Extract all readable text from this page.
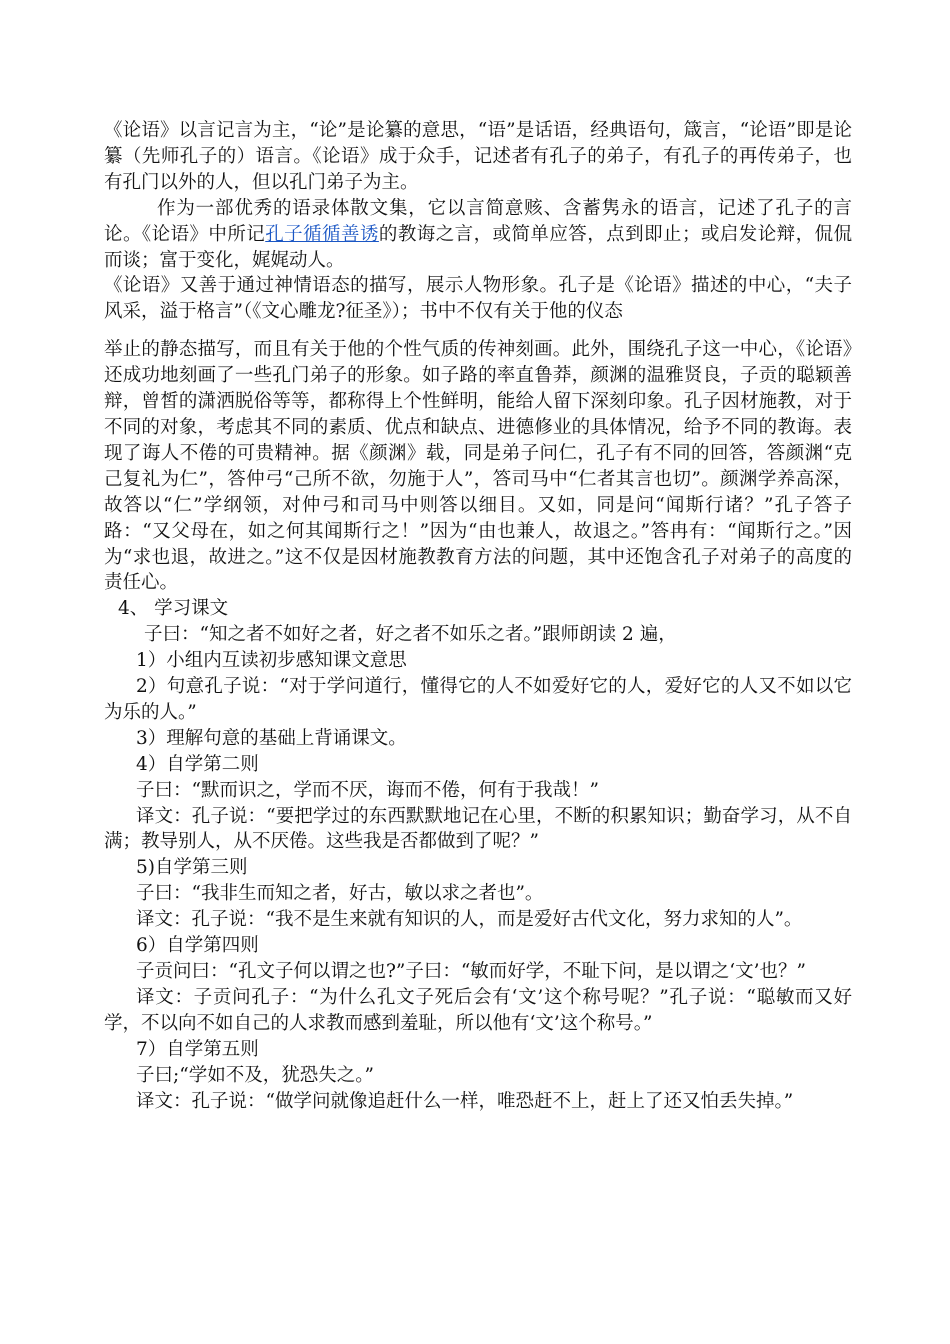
《论语》以言记言为主，“论”是论纂的意思，“语”是话语，经典语句，箴言，“论语”即是论纂（先师孔子的）语言。《论语》成于众手，记述者有孔子的弟子，有孔子的再传弟子，也有孔门以外的人，但以孔门弟子为主。

作为一部优秀的语录体散文集，它以言简意赅、含蓄隽永的语言，记述了孔子的言论。《论语》中所记孔子循循善诱的教诲之言，或简单应答，点到即止；或启发论辩，侃侃而谈；富于变化，娓娓动人。

《论语》又善于通过神情语态的描写，展示人物形象。孔子是《论语》描述的中心，“夫子风采，溢于格言”（《文心雕龙?征圣》）；书中不仅有关于他的仪态

举止的静态描写，而且有关于他的个性气质的传神刻画。此外，围绕孔子这一中心，《论语》还成功地刻画了一些孔门弟子的形象。如子路的率直鲁莽，颜渊的温雅贤良，子贡的聪颖善辩，曾皙的潇洒脱俗等等，都称得上个性鲜明，能给人留下深刻印象。孔子因材施教，对于不同的对象，考虑其不同的素质、优点和缺点、进德修业的具体情况，给予不同的教诲。表现了诲人不倦的可贵精神。据《颜渊》载，同是弟子问仁，孔子有不同的回答，答颜渊“克己复礼为仁”，答仲弓“己所不欲，勿施于人”，答司马中“仁者其言也切”。颜渊学养高深，故答以“仁”学纲领，对仲弓和司马中则答以细目。又如，同是问“闻斯行诸？”孔子答子路：“又父母在，如之何其闻斯行之！”因为“由也兼人，故退之。”答冉有：“闻斯行之。”因为“求也退，故进之。”这不仅是因材施教教育方法的问题，其中还饱含孔子对弟子的高度的责任心。

4、 学习课文

子曰：“知之者不如好之者，好之者不如乐之者。”跟师朗读 2 遍，

1）小组内互读初步感知课文意思

2）句意孔子说：“对于学问道行，懂得它的人不如爱好它的人，爱好它的人又不如以它为乐的人。”

3）理解句意的基础上背诵课文。

4）自学第二则

子曰：“默而识之，学而不厌，诲而不倦，何有于我哉！”

译文：孔子说：“要把学过的东西默默地记在心里，不断的积累知识；勤奋学习，从不自满；教导别人，从不厌倦。这些我是否都做到了呢？”

5)自学第三则

子曰：“我非生而知之者，好古，敏以求之者也”。

译文：孔子说：“我不是生来就有知识的人，而是爱好古代文化，努力求知的人”。

6）自学第四则

子贡问曰：“孔文子何以谓之也?”子曰：“敏而好学，不耻下问，是以谓之‘文’也？”

译文：子贡问孔子：“为什么孔文子死后会有‘文’这个称号呢？”孔子说：“聪敏而又好学，不以向不如自己的人求教而感到羞耻，所以他有‘文’这个称号。”

7）自学第五则

子曰;“学如不及，犹恐失之。”

译文：孔子说：“做学问就像追赶什么一样，唯恐赶不上，赶上了还又怕丢失掉。”
